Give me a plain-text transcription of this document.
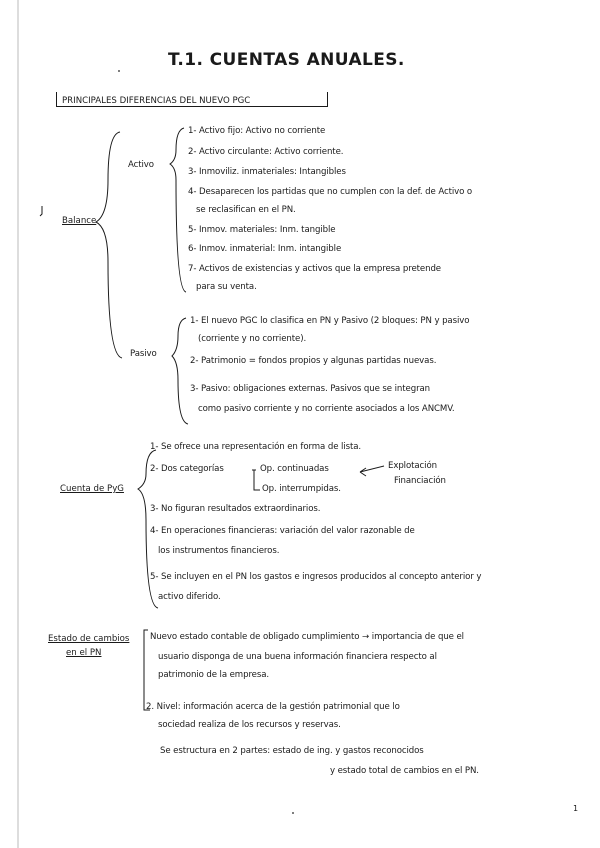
T.1. CUENTAS ANUALES.
PRINCIPALES DIFERENCIAS DEL NUEVO PGC
Balance
Activo
1- Activo fijo: Activo no corriente
2- Activo circulante: Activo corriente.
3- Inmoviliz. inmateriales: Intangibles
4- Desaparecen los partidas que no cumplen con la def. de Activo o
se reclasifican en el PN.
5- Inmov. materiales: Inm. tangible
6- Inmov. inmaterial: Inm. intangible
7- Activos de existencias y activos que la empresa pretende
para su venta.
Pasivo
1- El nuevo PGC lo clasifica en PN y Pasivo (2 bloques: PN y pasivo
(corriente y no corriente).
2- Patrimonio = fondos propios y algunas partidas nuevas.
3- Pasivo: obligaciones externas. Pasivos que se integran
como pasivo corriente y no corriente asociados a los ANCMV.
Cuenta de PyG
1- Se ofrece una representación en forma de lista.
2- Dos categorías	Op. continuadas
Op. interrumpidas.
Explotación
Financiación
3- No figuran resultados extraordinarios.
4- En operaciones financieras: variación del valor razonable de
los instrumentos financieros.
5- Se incluyen en el PN los gastos e ingresos producidos al concepto anterior y
activo diferido.
Estado de cambios
en el PN
Nuevo estado contable de obligado cumplimiento → importancia de que el
usuario disponga de una buena información financiera respecto al
patrimonio de la empresa.
2. Nivel: información acerca de la gestión patrimonial que lo
sociedad realiza de los recursos y reservas.
Se estructura en 2 partes: estado de ing. y gastos reconocidos
y estado total de cambios en el PN.
1
